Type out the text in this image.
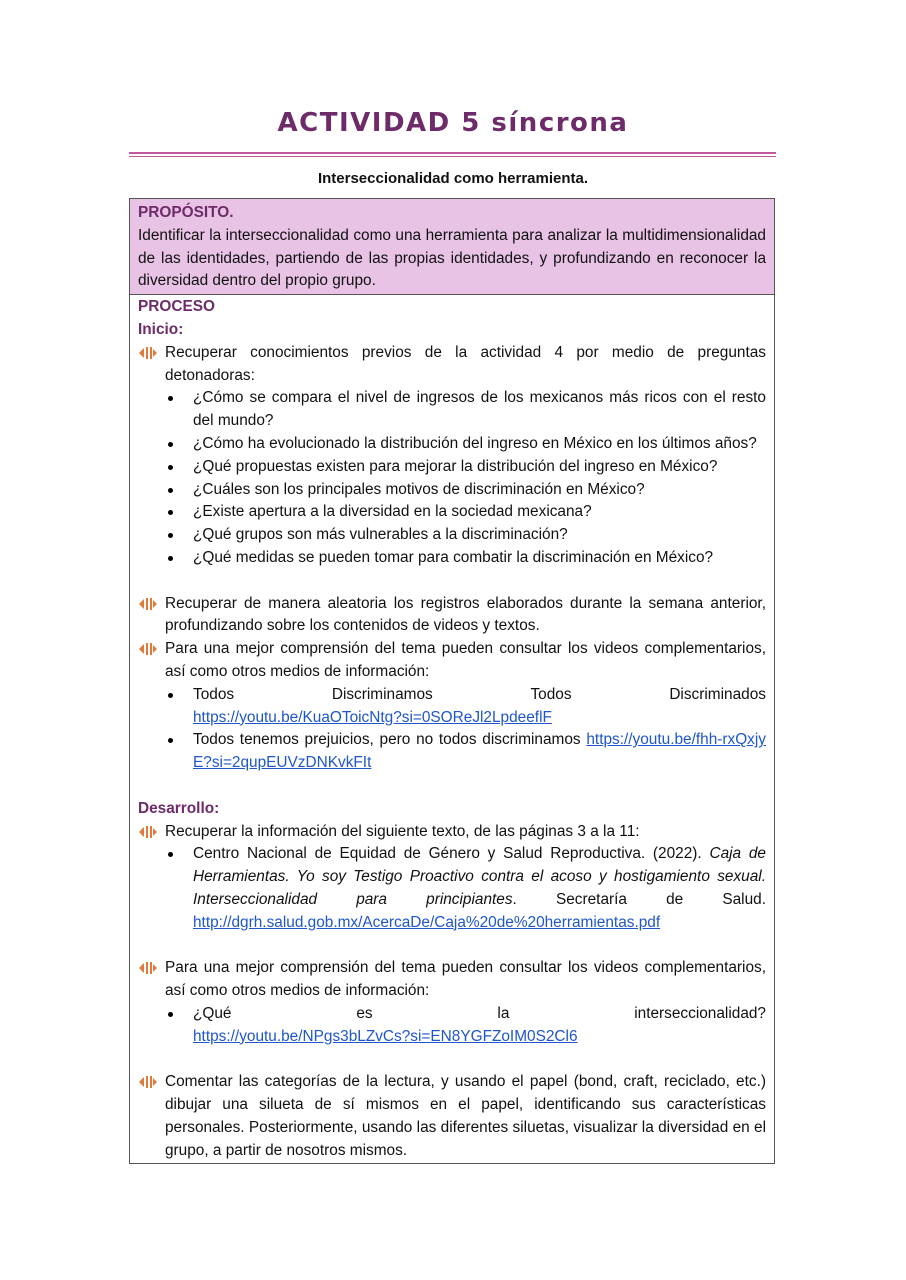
ACTIVIDAD 5 síncrona
Interseccionalidad como herramienta.
PROPÓSITO.
Identificar la interseccionalidad como una herramienta para analizar la multidimensionalidad de las identidades, partiendo de las propias identidades, y profundizando en reconocer la diversidad dentro del propio grupo.
PROCESO
Inicio:
Recuperar conocimientos previos de la actividad 4 por medio de preguntas detonadoras:
¿Cómo se compara el nivel de ingresos de los mexicanos más ricos con el resto del mundo?
¿Cómo ha evolucionado la distribución del ingreso en México en los últimos años?
¿Qué propuestas existen para mejorar la distribución del ingreso en México?
¿Cuáles son los principales motivos de discriminación en México?
¿Existe apertura a la diversidad en la sociedad mexicana?
¿Qué grupos son más vulnerables a la discriminación?
¿Qué medidas se pueden tomar para combatir la discriminación en México?
Recuperar de manera aleatoria los registros elaborados durante la semana anterior, profundizando sobre los contenidos de videos y textos.
Para una mejor comprensión del tema pueden consultar los videos complementarios, así como otros medios de información:
Todos	Discriminamos	Todos	Discriminados
https://youtu.be/KuaOToicNtg?si=0SOReJl2LpdeeflF
Todos tenemos prejuicios, pero no todos discriminamos https://youtu.be/fhh-rxQxjyE?si=2qupEUVzDNKvkFIt
Desarrollo:
Recuperar la información del siguiente texto, de las páginas 3 a la 11:
Centro Nacional de Equidad de Género y Salud Reproductiva. (2022). Caja de Herramientas. Yo soy Testigo Proactivo contra el acoso y hostigamiento sexual. Interseccionalidad para principiantes. Secretaría de Salud. http://dgrh.salud.gob.mx/AcercaDe/Caja%20de%20herramientas.pdf
Para una mejor comprensión del tema pueden consultar los videos complementarios, así como otros medios de información:
¿Qué	es	la	interseccionalidad?
https://youtu.be/NPgs3bLZvCs?si=EN8YGFZoIM0S2Cl6
Comentar las categorías de la lectura, y usando el papel (bond, craft, reciclado, etc.) dibujar una silueta de sí mismos en el papel, identificando sus características personales. Posteriormente, usando las diferentes siluetas, visualizar la diversidad en el grupo, a partir de nosotros mismos.
